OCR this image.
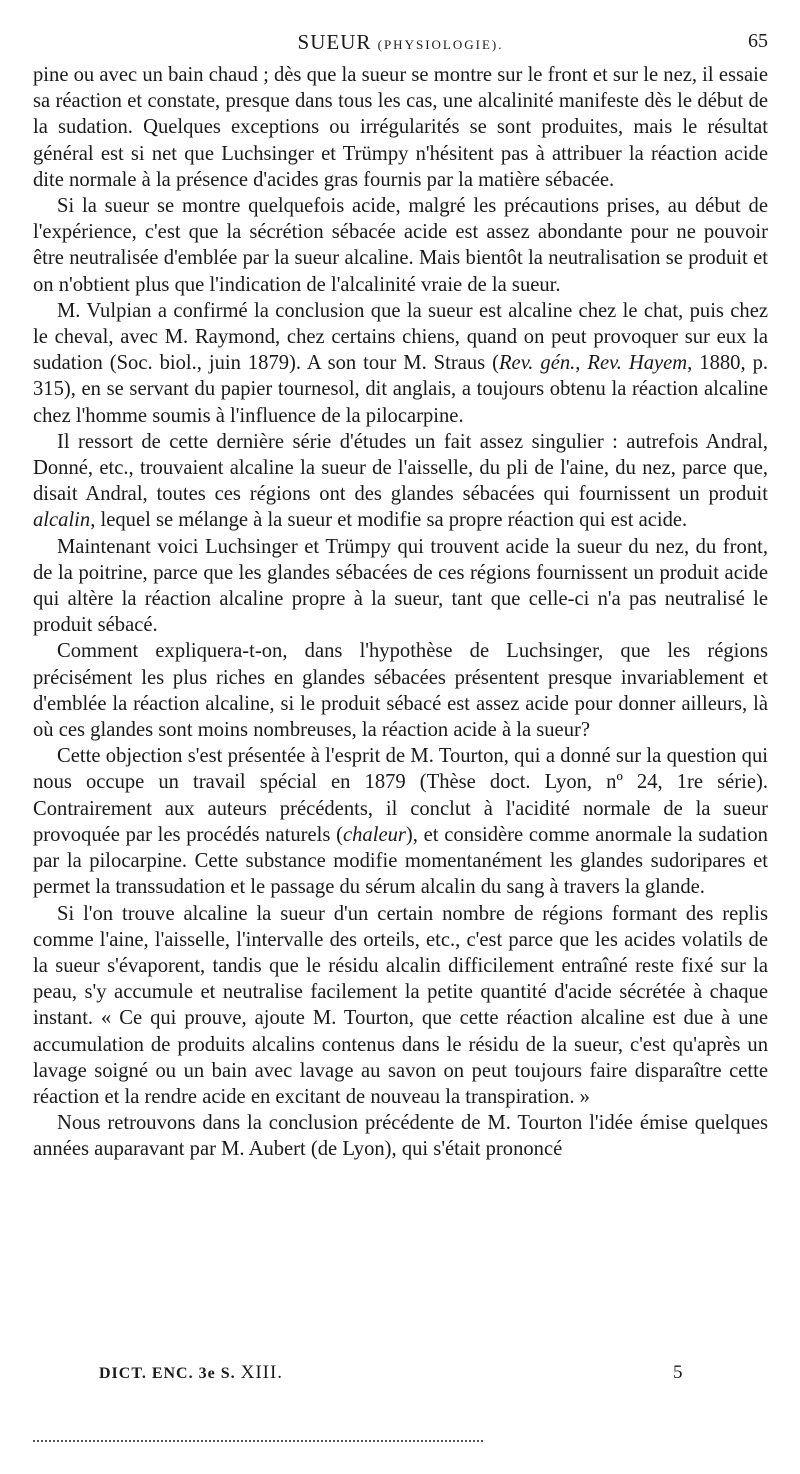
SUEUR (PHYSIOLOGIE).	65

pine ou avec un bain chaud ; dès que la sueur se montre sur le front et sur le nez, il essaie sa réaction et constate, presque dans tous les cas, une alcalinité manifeste dès le début de la sudation. Quelques exceptions ou irrégularités se sont produites, mais le résultat général est si net que Luchsinger et Trümpy n'hésitent pas à attribuer la réaction acide dite normale à la présence d'acides gras fournis par la matière sébacée.

Si la sueur se montre quelquefois acide, malgré les précautions prises, au début de l'expérience, c'est que la sécrétion sébacée acide est assez abondante pour ne pouvoir être neutralisée d'emblée par la sueur alcaline. Mais bientôt la neutralisation se produit et on n'obtient plus que l'indication de l'alcalinité vraie de la sueur.

M. Vulpian a confirmé la conclusion que la sueur est alcaline chez le chat, puis chez le cheval, avec M. Raymond, chez certains chiens, quand on peut provoquer sur eux la sudation (Soc. biol., juin 1879). A son tour M. Straus (Rev. gén., Rev. Hayem, 1880, p. 315), en se servant du papier tournesol, dit anglais, a toujours obtenu la réaction alcaline chez l'homme soumis à l'influence de la pilocarpine.

Il ressort de cette dernière série d'études un fait assez singulier : autrefois Andral, Donné, etc., trouvaient alcaline la sueur de l'aisselle, du pli de l'aine, du nez, parce que, disait Andral, toutes ces régions ont des glandes sébacées qui fournissent un produit alcalin, lequel se mélange à la sueur et modifie sa propre réaction qui est acide.

Maintenant voici Luchsinger et Trümpy qui trouvent acide la sueur du nez, du front, de la poitrine, parce que les glandes sébacées de ces régions fournissent un produit acide qui altère la réaction alcaline propre à la sueur, tant que celle-ci n'a pas neutralisé le produit sébacé.

Comment expliquera-t-on, dans l'hypothèse de Luchsinger, que les régions précisément les plus riches en glandes sébacées présentent presque invariablement et d'emblée la réaction alcaline, si le produit sébacé est assez acide pour donner ailleurs, là où ces glandes sont moins nombreuses, la réaction acide à la sueur?

Cette objection s'est présentée à l'esprit de M. Tourton, qui a donné sur la question qui nous occupe un travail spécial en 1879 (Thèse doct. Lyon, nº 24, 1re série). Contrairement aux auteurs précédents, il conclut à l'acidité normale de la sueur provoquée par les procédés naturels (chaleur), et considère comme anormale la sudation par la pilocarpine. Cette substance modifie momentanément les glandes sudoripares et permet la transsudation et le passage du sérum alcalin du sang à travers la glande.

Si l'on trouve alcaline la sueur d'un certain nombre de régions formant des replis comme l'aine, l'aisselle, l'intervalle des orteils, etc., c'est parce que les acides volatils de la sueur s'évaporent, tandis que le résidu alcalin difficilement entraîné reste fixé sur la peau, s'y accumule et neutralise facilement la petite quantité d'acide sécrétée à chaque instant. « Ce qui prouve, ajoute M. Tourton, que cette réaction alcaline est due à une accumulation de produits alcalins contenus dans le résidu de la sueur, c'est qu'après un lavage soigné ou un bain avec lavage au savon on peut toujours faire disparaître cette réaction et la rendre acide en excitant de nouveau la transpiration. »

Nous retrouvons dans la conclusion précédente de M. Tourton l'idée émise quelques années auparavant par M. Aubert (de Lyon), qui s'était prononcé

DICT. ENC. 3e S. XIII.	5
